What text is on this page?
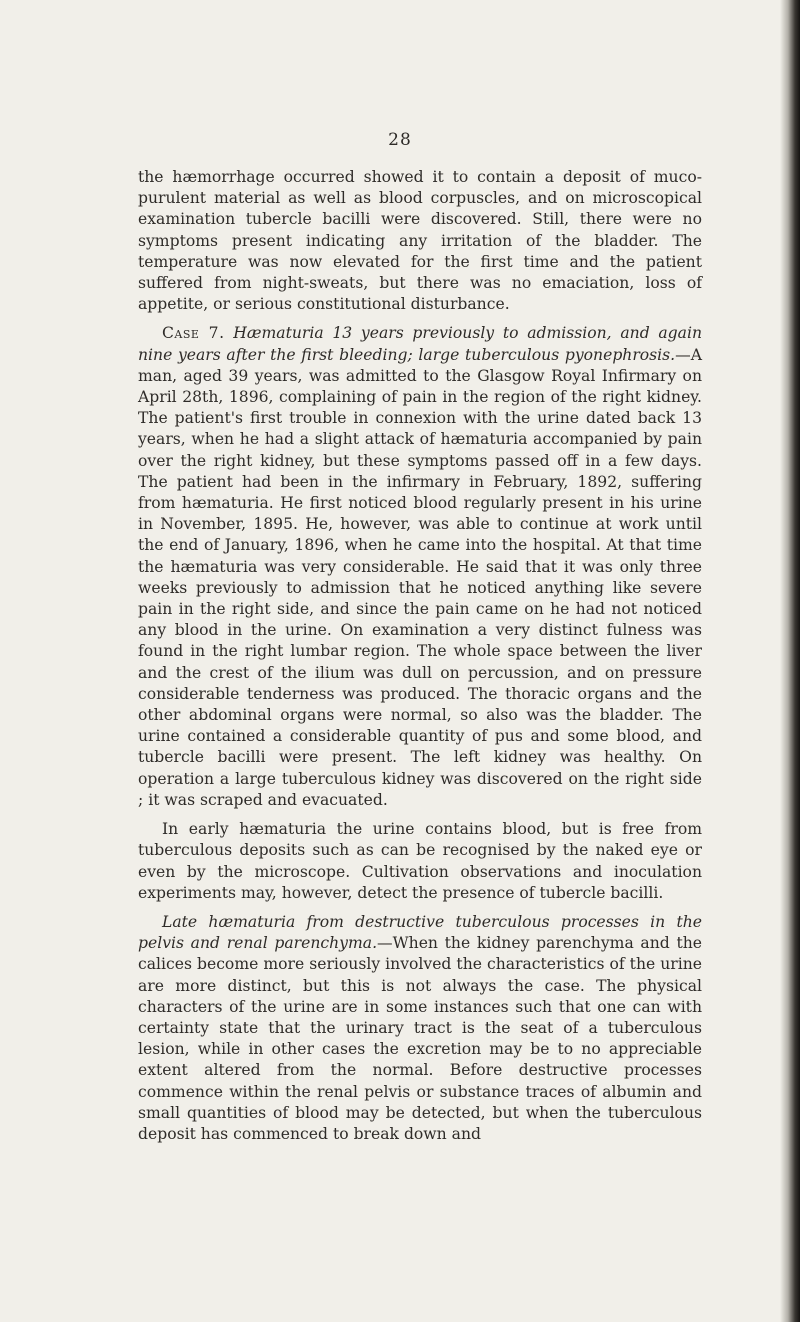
28

the hæmorrhage occurred showed it to contain a deposit of muco-purulent material as well as blood corpuscles, and on microscopical examination tubercle bacilli were discovered. Still, there were no symptoms present indicating any irritation of the bladder. The temperature was now elevated for the first time and the patient suffered from night-sweats, but there was no emaciation, loss of appetite, or serious constitutional disturbance.

Case 7. Hæmaturia 13 years previously to admission, and again nine years after the first bleeding; large tuberculous pyonephrosis.—A man, aged 39 years, was admitted to the Glasgow Royal Infirmary on April 28th, 1896, complaining of pain in the region of the right kidney. The patient's first trouble in connexion with the urine dated back 13 years, when he had a slight attack of hæmaturia accompanied by pain over the right kidney, but these symptoms passed off in a few days. The patient had been in the infirmary in February, 1892, suffering from hæmaturia. He first noticed blood regularly present in his urine in November, 1895. He, however, was able to continue at work until the end of January, 1896, when he came into the hospital. At that time the hæmaturia was very considerable. He said that it was only three weeks previously to admission that he noticed anything like severe pain in the right side, and since the pain came on he had not noticed any blood in the urine. On examination a very distinct fulness was found in the right lumbar region. The whole space between the liver and the crest of the ilium was dull on percussion, and on pressure considerable tenderness was produced. The thoracic organs and the other abdominal organs were normal, so also was the bladder. The urine contained a considerable quantity of pus and some blood, and tubercle bacilli were present. The left kidney was healthy. On operation a large tuberculous kidney was discovered on the right side ; it was scraped and evacuated.

In early hæmaturia the urine contains blood, but is free from tuberculous deposits such as can be recognised by the naked eye or even by the microscope. Cultivation observations and inoculation experiments may, however, detect the presence of tubercle bacilli.

Late hæmaturia from destructive tuberculous processes in the pelvis and renal parenchyma.—When the kidney parenchyma and the calices become more seriously involved the characteristics of the urine are more distinct, but this is not always the case. The physical characters of the urine are in some instances such that one can with certainty state that the urinary tract is the seat of a tuberculous lesion, while in other cases the excretion may be to no appreciable extent altered from the normal. Before destructive processes commence within the renal pelvis or substance traces of albumin and small quantities of blood may be detected, but when the tuberculous deposit has commenced to break down and
